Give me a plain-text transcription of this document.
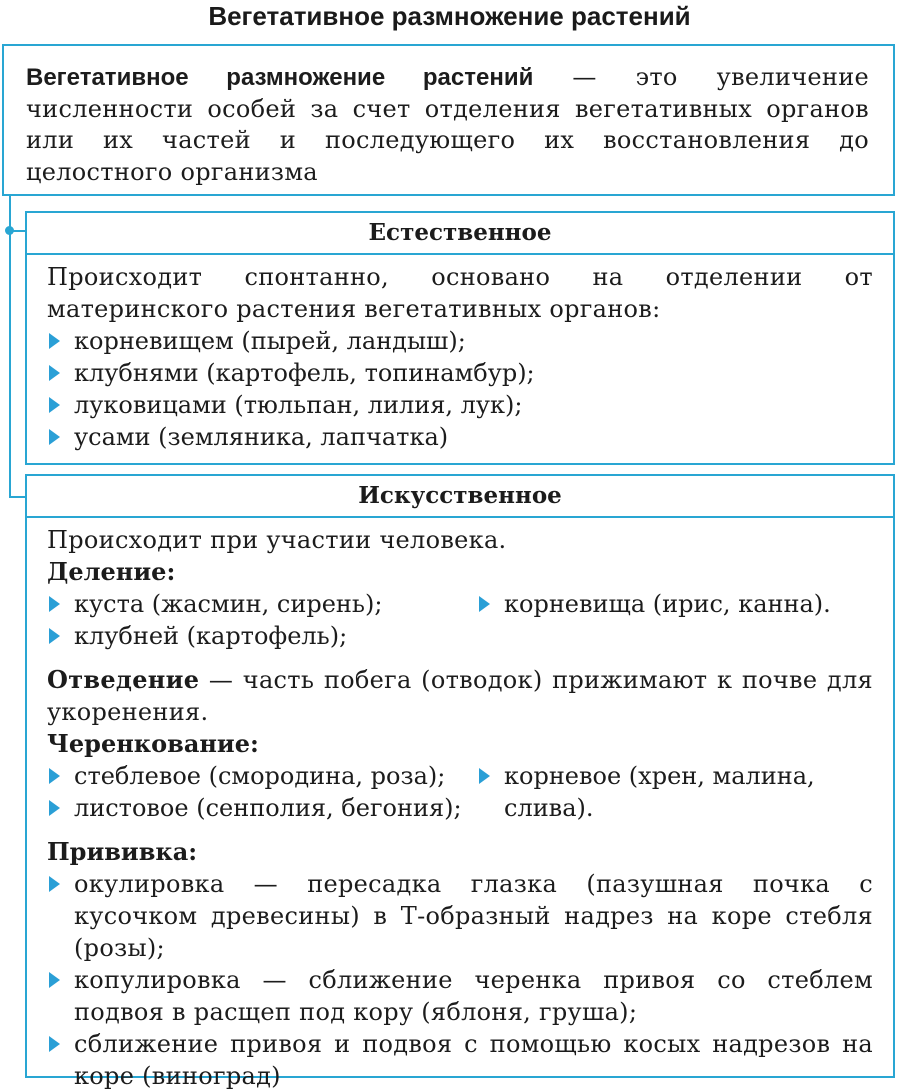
Вегетативное размножение растений
Вегетативное размножение растений — это увеличение численности особей за счет отделения вегетативных органов или их частей и последующего их восстановления до целостного организма
Естественное
Происходит спонтанно, основано на отделении от материнского растения вегетативных органов:
корневищем (пырей, ландыш);
клубнями (картофель, топинамбур);
луковицами (тюльпан, лилия, лук);
усами (земляника, лапчатка)
Искусственное
Происходит при участии человека.
Деление:
куста (жасмин, сирень);
клубней (картофель);
корневища (ирис, канна).
Отведение — часть побега (отводок) прижимают к почве для укоренения.
Черенкование:
стеблевое (смородина, роза);
листовое (сенполия, бегония);
корневое (хрен, малина, слива).
Прививка:
окулировка — пересадка глазка (пазушная почка с кусочком древесины) в Т-образный надрез на коре стебля (розы);
копулировка — сближение черенка привоя со стеблем подвоя в расщеп под кору (яблоня, груша);
сближение привоя и подвоя с помощью косых надрезов на коре (виноград)
